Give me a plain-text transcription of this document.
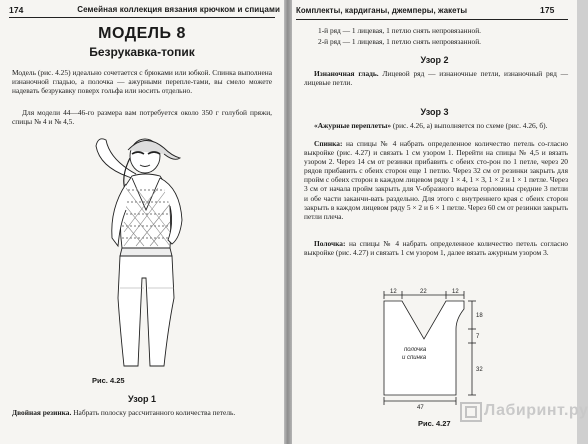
174	Семейная коллекция вязания крючком и спицами
МОДЕЛЬ 8
Безрукавка-топик

Модель (рис. 4.25) идеально сочетается с брюками или юбкой. Спинка выполнена изнаночной гладью, а полочка — ажурными перепле-тами, вы смело можете надевать безрукавку поверх гольфа или носить отдельно.

Для модели 44—46-го размера вам потребуется около 350 г голубой пряжи, спицы № 4 и № 4,5.

Рис. 4.25
Узор 1

Двойная резинка. Набрать полоску рассчитанного количества петель.

Комплекты, кардиганы, джемперы, жакеты	175

1-й ряд — 1 лицевая, 1 петлю снять непровязанной.

2-й ряд — 1 лицевая, 1 петлю снять непровязанной.

Узор 2

Изнаночная гладь. Лицевой ряд — изнаночные петли, изнаночный ряд — лицевые петли.

Узор 3

«Ажурные переплеты» (рис. 4.26, а) выполняется по схеме (рис. 4.26, б).

Спинка: на спицы № 4 набрать определенное количество петель со-гласно выкройке (рис. 4.27) и связать 1 см узором 1. Перейти на спицы № 4,5 и вязать узором 2. Через 14 см от резинки прибавить с обеих сто-рон по 1 петле, через 20 рядов прибавить с обеих сторон еще 1 петлю. Через 32 см от резинки закрыть для пройм с обеих сторон в каждом лицевом ряду 1 × 4, 1 × 3, 1 × 2 и 1 × 1 петле. Через 3 см от начала пройм закрыть для V-образного выреза горловины средние 3 петли и обе части заканчи-вать раздельно. Для этого с внутреннего края с обеих сторон закрыть в каждом лицевом ряду 5 × 2 и 6 × 1 петле. Через 60 см от резинки закрыть петли плеча.

Полочка: на спицы № 4 набрать определенное количество петель согласно выкройке (рис. 4.27) и связать 1 см узором 1, далее вязать ажурным узором 3.

12	22	12
18
7
32
47
полочка
и спинка
Рис. 4.27
Лабиринт.ру
